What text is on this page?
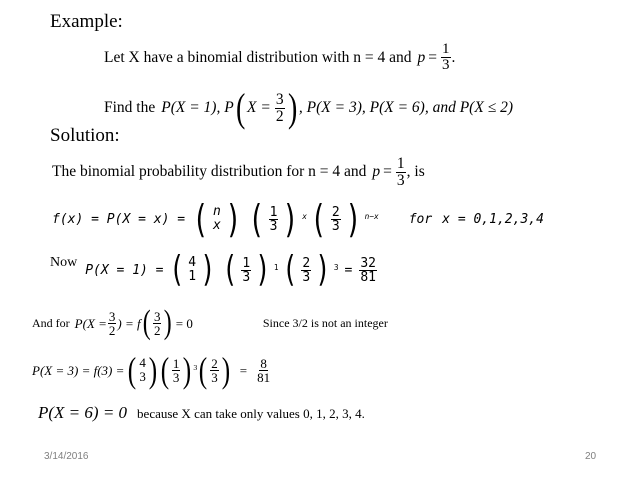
Example:
Let X have a binomial distribution with n = 4 and $p = \frac{1}{3}$ .
Find the P(X = 1), P ( $X = \frac{3}{2}$ ) , P(X = 3), P(X = 6), and P(X ≤ 2)
Solution:
The binomial probability distribution for n = 4 and $p = \frac{1}{3}$ , is
f(x) = P(X = x) = ( n
x ) ( $\frac{1}{3}$ ) $^x$ ( $\frac{2}{3}$ ) $^{n-x}$ for x = 0,1,2,3,4
Now P(X = 1) = ( 4
1 ) ( $\frac{1}{3}$ ) $^1$ ( $\frac{2}{3}$ ) $^3 = \frac{32}{81}$
And for $P(X = \frac{3}{2}$ ) = f ( $\frac{3}{2}$ ) = 0	Since 3/2 is not an integer
P(X = 3) = f(3) = ( 4
3 ) ( $\frac{1}{3} )^3$ ( $\frac{2}{3}$ ) = $\frac{8}{81}$
P(X = 6) = 0 because X can take only values 0, 1, 2, 3, 4.
3/14/2016	20
